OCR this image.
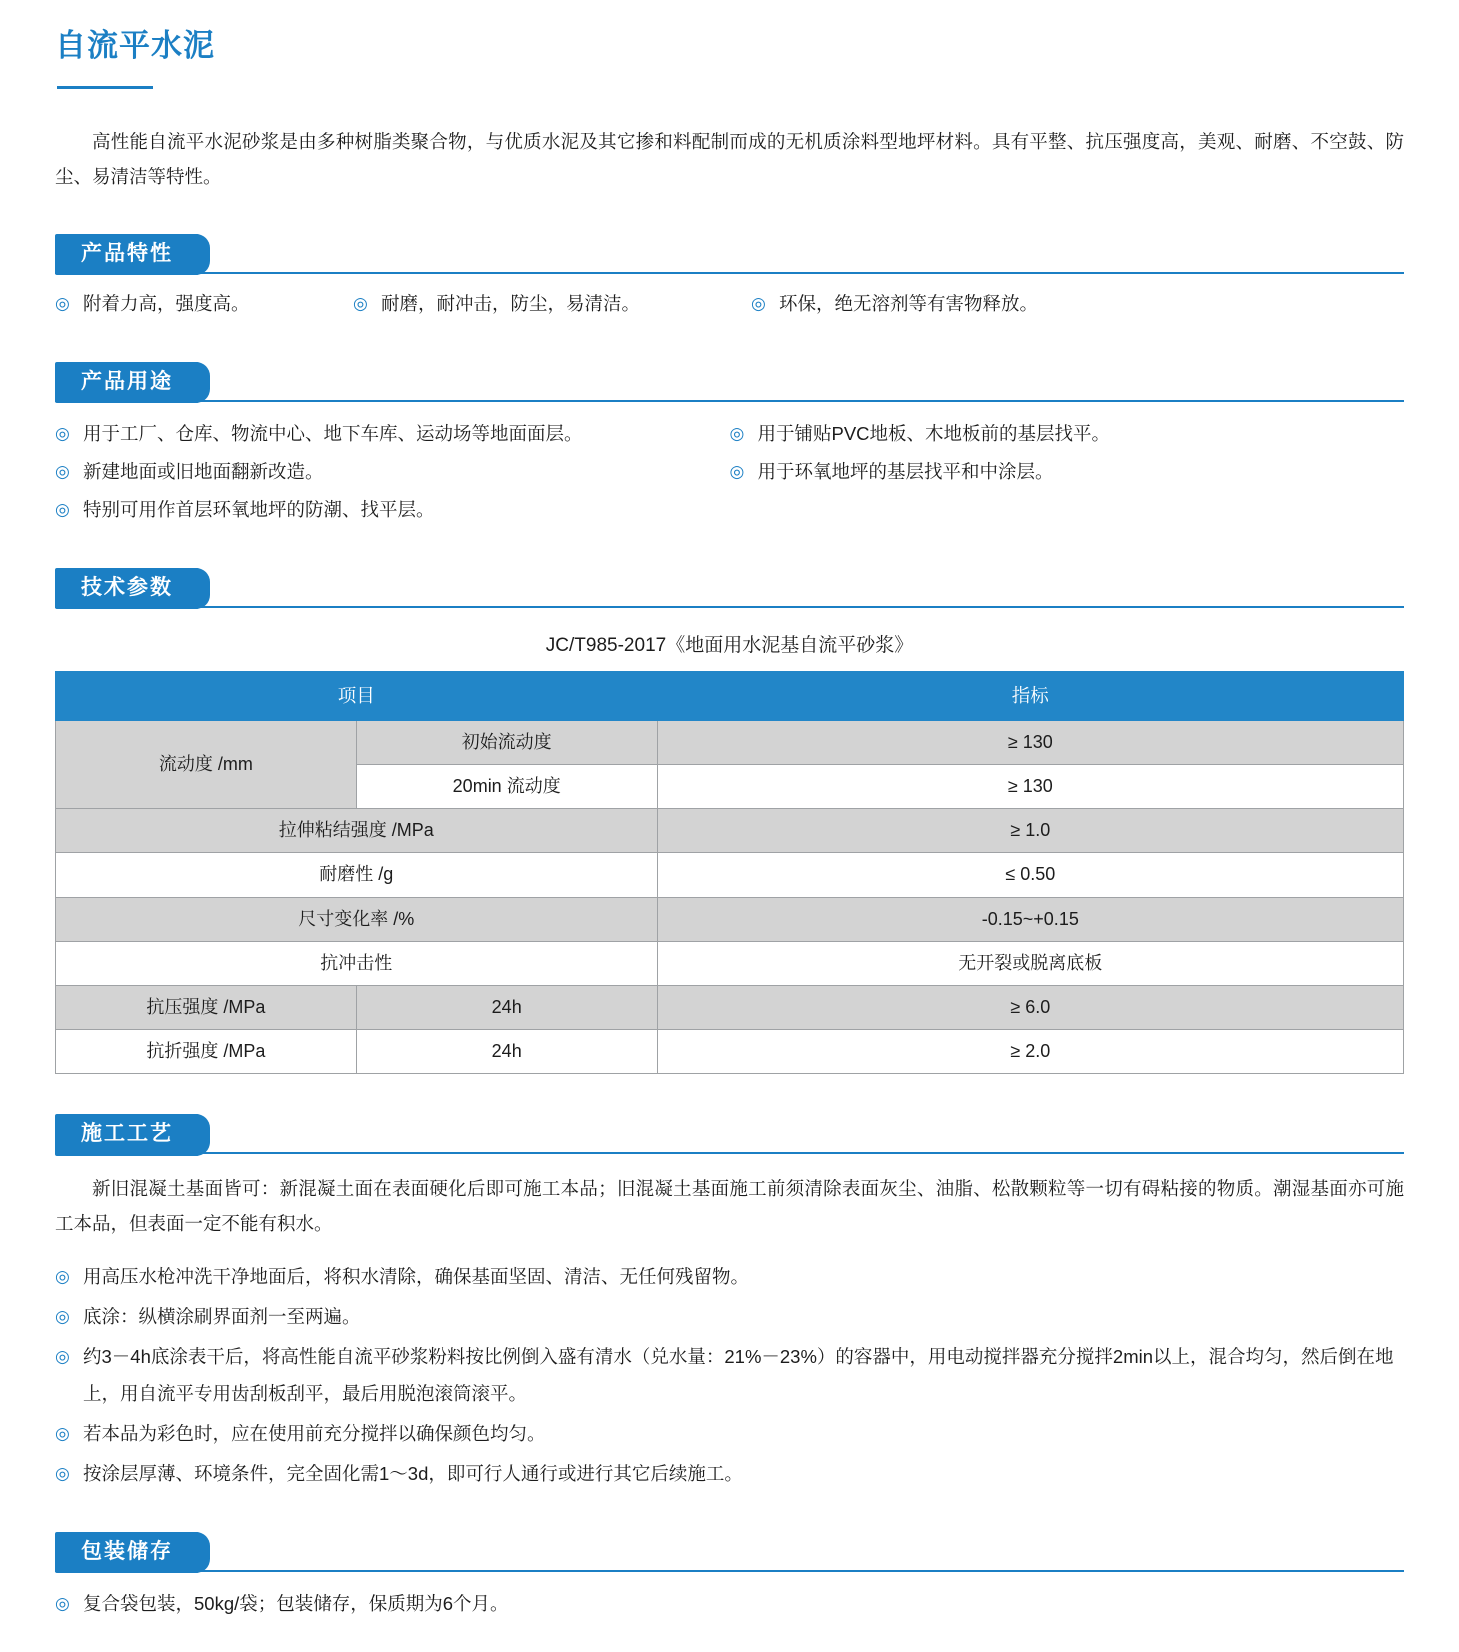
自流平水泥

高性能自流平水泥砂浆是由多种树脂类聚合物，与优质水泥及其它掺和料配制而成的无机质涂料型地坪材料。具有平整、抗压强度高，美观、耐磨、不空鼓、防尘、易清洁等特性。

产品特性
◎ 附着力高，强度高。	◎ 耐磨，耐冲击，防尘，易清洁。	◎ 环保，绝无溶剂等有害物释放。
产品用途
◎ 用于工厂、仓库、物流中心、地下车库、运动场等地面面层。
◎ 新建地面或旧地面翻新改造。
◎ 特别可用作首层环氧地坪的防潮、找平层。
◎ 用于铺贴PVC地板、木地板前的基层找平。
◎ 用于环氧地坪的基层找平和中涂层。
技术参数
JC/T985-2017《地面用水泥基自流平砂浆》
项目		指标
流动度 /mm	初始流动度	≥ 130
	20min 流动度	≥ 130
拉伸粘结强度 /MPa		≥ 1.0
耐磨性 /g		≤ 0.50
尺寸变化率 /%		-0.15~+0.15
抗冲击性		无开裂或脱离底板
抗压强度 /MPa	24h	≥ 6.0
抗折强度 /MPa	24h	≥ 2.0
施工工艺

新旧混凝土基面皆可：新混凝土面在表面硬化后即可施工本品；旧混凝土基面施工前须清除表面灰尘、油脂、松散颗粒等一切有碍粘接的物质。潮湿基面亦可施工本品，但表面一定不能有积水。

◎ 用高压水枪冲洗干净地面后，将积水清除，确保基面坚固、清洁、无任何残留物。
◎ 底涂：纵横涂刷界面剂一至两遍。
◎ 约3－4h底涂表干后，将高性能自流平砂浆粉料按比例倒入盛有清水（兑水量：21%－23%）的容器中，用电动搅拌器充分搅拌2min以上，混合均匀，然后倒在地上，用自流平专用齿刮板刮平，最后用脱泡滚筒滚平。
◎ 若本品为彩色时，应在使用前充分搅拌以确保颜色均匀。
◎ 按涂层厚薄、环境条件，完全固化需1～3d，即可行人通行或进行其它后续施工。
包装储存
◎ 复合袋包装，50kg/袋；包装储存，保质期为6个月。
